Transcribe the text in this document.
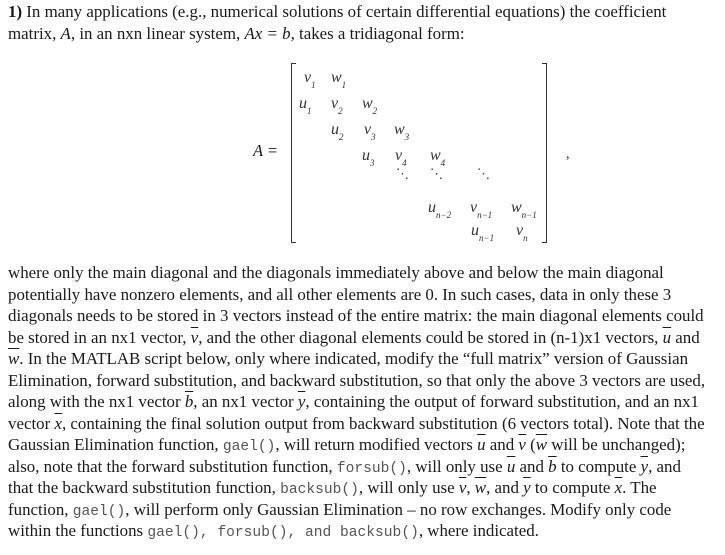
1) In many applications (e.g., numerical solutions of certain differential equations) the coefficient
matrix, A, in an nxn linear system, Ax = b, takes a tridiagonal form:
A =
$v_1$ $w_1$
$u_1$ $v_2$ $w_2$
$u_2$ $v_3$ $w_3$
$u_3$ $v_4$ $w_4$
⋱ ⋱	⋱
$u_{n-2}$ $v_{n-1}$ $w_{n-1}$
$u_{n-1}$ $v_n$
,
where only the main diagonal and the diagonals immediately above and below the main diagonal
potentially have nonzero elements, and all other elements are 0. In such cases, data in only these 3
diagonals needs to be stored in 3 vectors instead of the entire matrix: the main diagonal elements could
be stored in an nx1 vector, $\overline{v}$, and the other diagonal elements could be stored in (n-1)x1 vectors, $\overline{u}$ and
$\overline{w}$. In the MATLAB script below, only where indicated, modify the “full matrix” version of Gaussian
Elimination, forward substitution, and backward substitution, so that only the above 3 vectors are used,
along with the nx1 vector $\overline{b}$, an nx1 vector $\overline{y}$, containing the output of forward substitution, and an nx1
vector $\overline{x}$, containing the final solution output from backward substitution (6 vectors total). Note that the
Gaussian Elimination function, gael(), will return modified vectors $\overline{u}$ and $\overline{v}$ ($\overline{w}$ will be unchanged);
also, note that the forward substitution function, forsub(), will only use $\overline{u}$ and $\overline{b}$ to compute $\overline{y}$, and
that the backward substitution function, backsub(), will only use $\overline{v}$, $\overline{w}$, and $\overline{y}$ to compute $\overline{x}$. The
function, gael(), will perform only Gaussian Elimination – no row exchanges. Modify only code
within the functions gael(), forsub(), and backsub(), where indicated.
